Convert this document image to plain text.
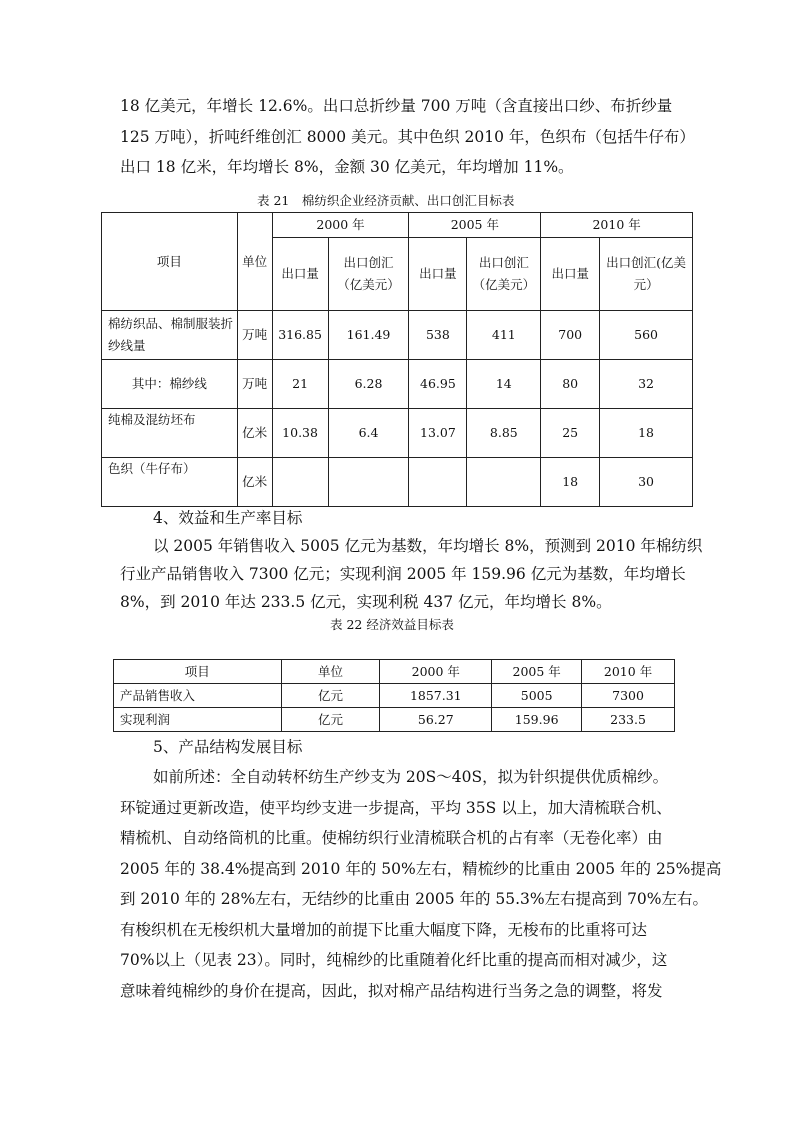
18 亿美元，年增长 12.6%。出口总折纱量 700 万吨（含直接出口纱、布折纱量
125 万吨），折吨纤维创汇 8000 美元。其中色织 2010 年，色织布（包括牛仔布）
出口 18 亿米，年均增长 8%，金额 30 亿美元，年均增加 11%。
表 21　棉纺织企业经济贡献、出口创汇目标表
项目	单位	2000 年		2005 年		2010 年	
		出口量	出口创汇（亿美元）	出口量	出口创汇（亿美元）	出口量	出口创汇(亿美元）
棉纺织品、棉制服装折纱线量	万吨	316.85	161.49	538	411	700	560
其中：棉纱线	万吨	21	6.28	46.95	14	80	32
纯棉及混纺坯布	亿米	10.38	6.4	13.07	8.85	25	18
色织（牛仔布）	亿米					18	30
4、效益和生产率目标
以 2005 年销售收入 5005 亿元为基数，年均增长 8%，预测到 2010 年棉纺织
行业产品销售收入 7300 亿元；实现利润 2005 年 159.96 亿元为基数，年均增长
8%，到 2010 年达 233.5 亿元，实现利税 437 亿元，年均增长 8%。
表 22 经济效益目标表
项目	单位	2000 年	2005 年	2010 年
产品销售收入	亿元	1857.31	5005	7300
实现利润	亿元	56.27	159.96	233.5
5、产品结构发展目标
如前所述：全自动转杯纺生产纱支为 20S～40S，拟为针织提供优质棉纱。
环锭通过更新改造，使平均纱支进一步提高，平均 35S 以上，加大清梳联合机、
精梳机、自动络筒机的比重。使棉纺织行业清梳联合机的占有率（无卷化率）由
2005 年的 38.4%提高到 2010 年的 50%左右，精梳纱的比重由 2005 年的 25%提高
到 2010 年的 28%左右，无结纱的比重由 2005 年的 55.3%左右提高到 70%左右。
有梭织机在无梭织机大量增加的前提下比重大幅度下降，无梭布的比重将可达
70%以上（见表 23）。同时，纯棉纱的比重随着化纤比重的提高而相对减少，这
意味着纯棉纱的身价在提高，因此，拟对棉产品结构进行当务之急的调整，将发
